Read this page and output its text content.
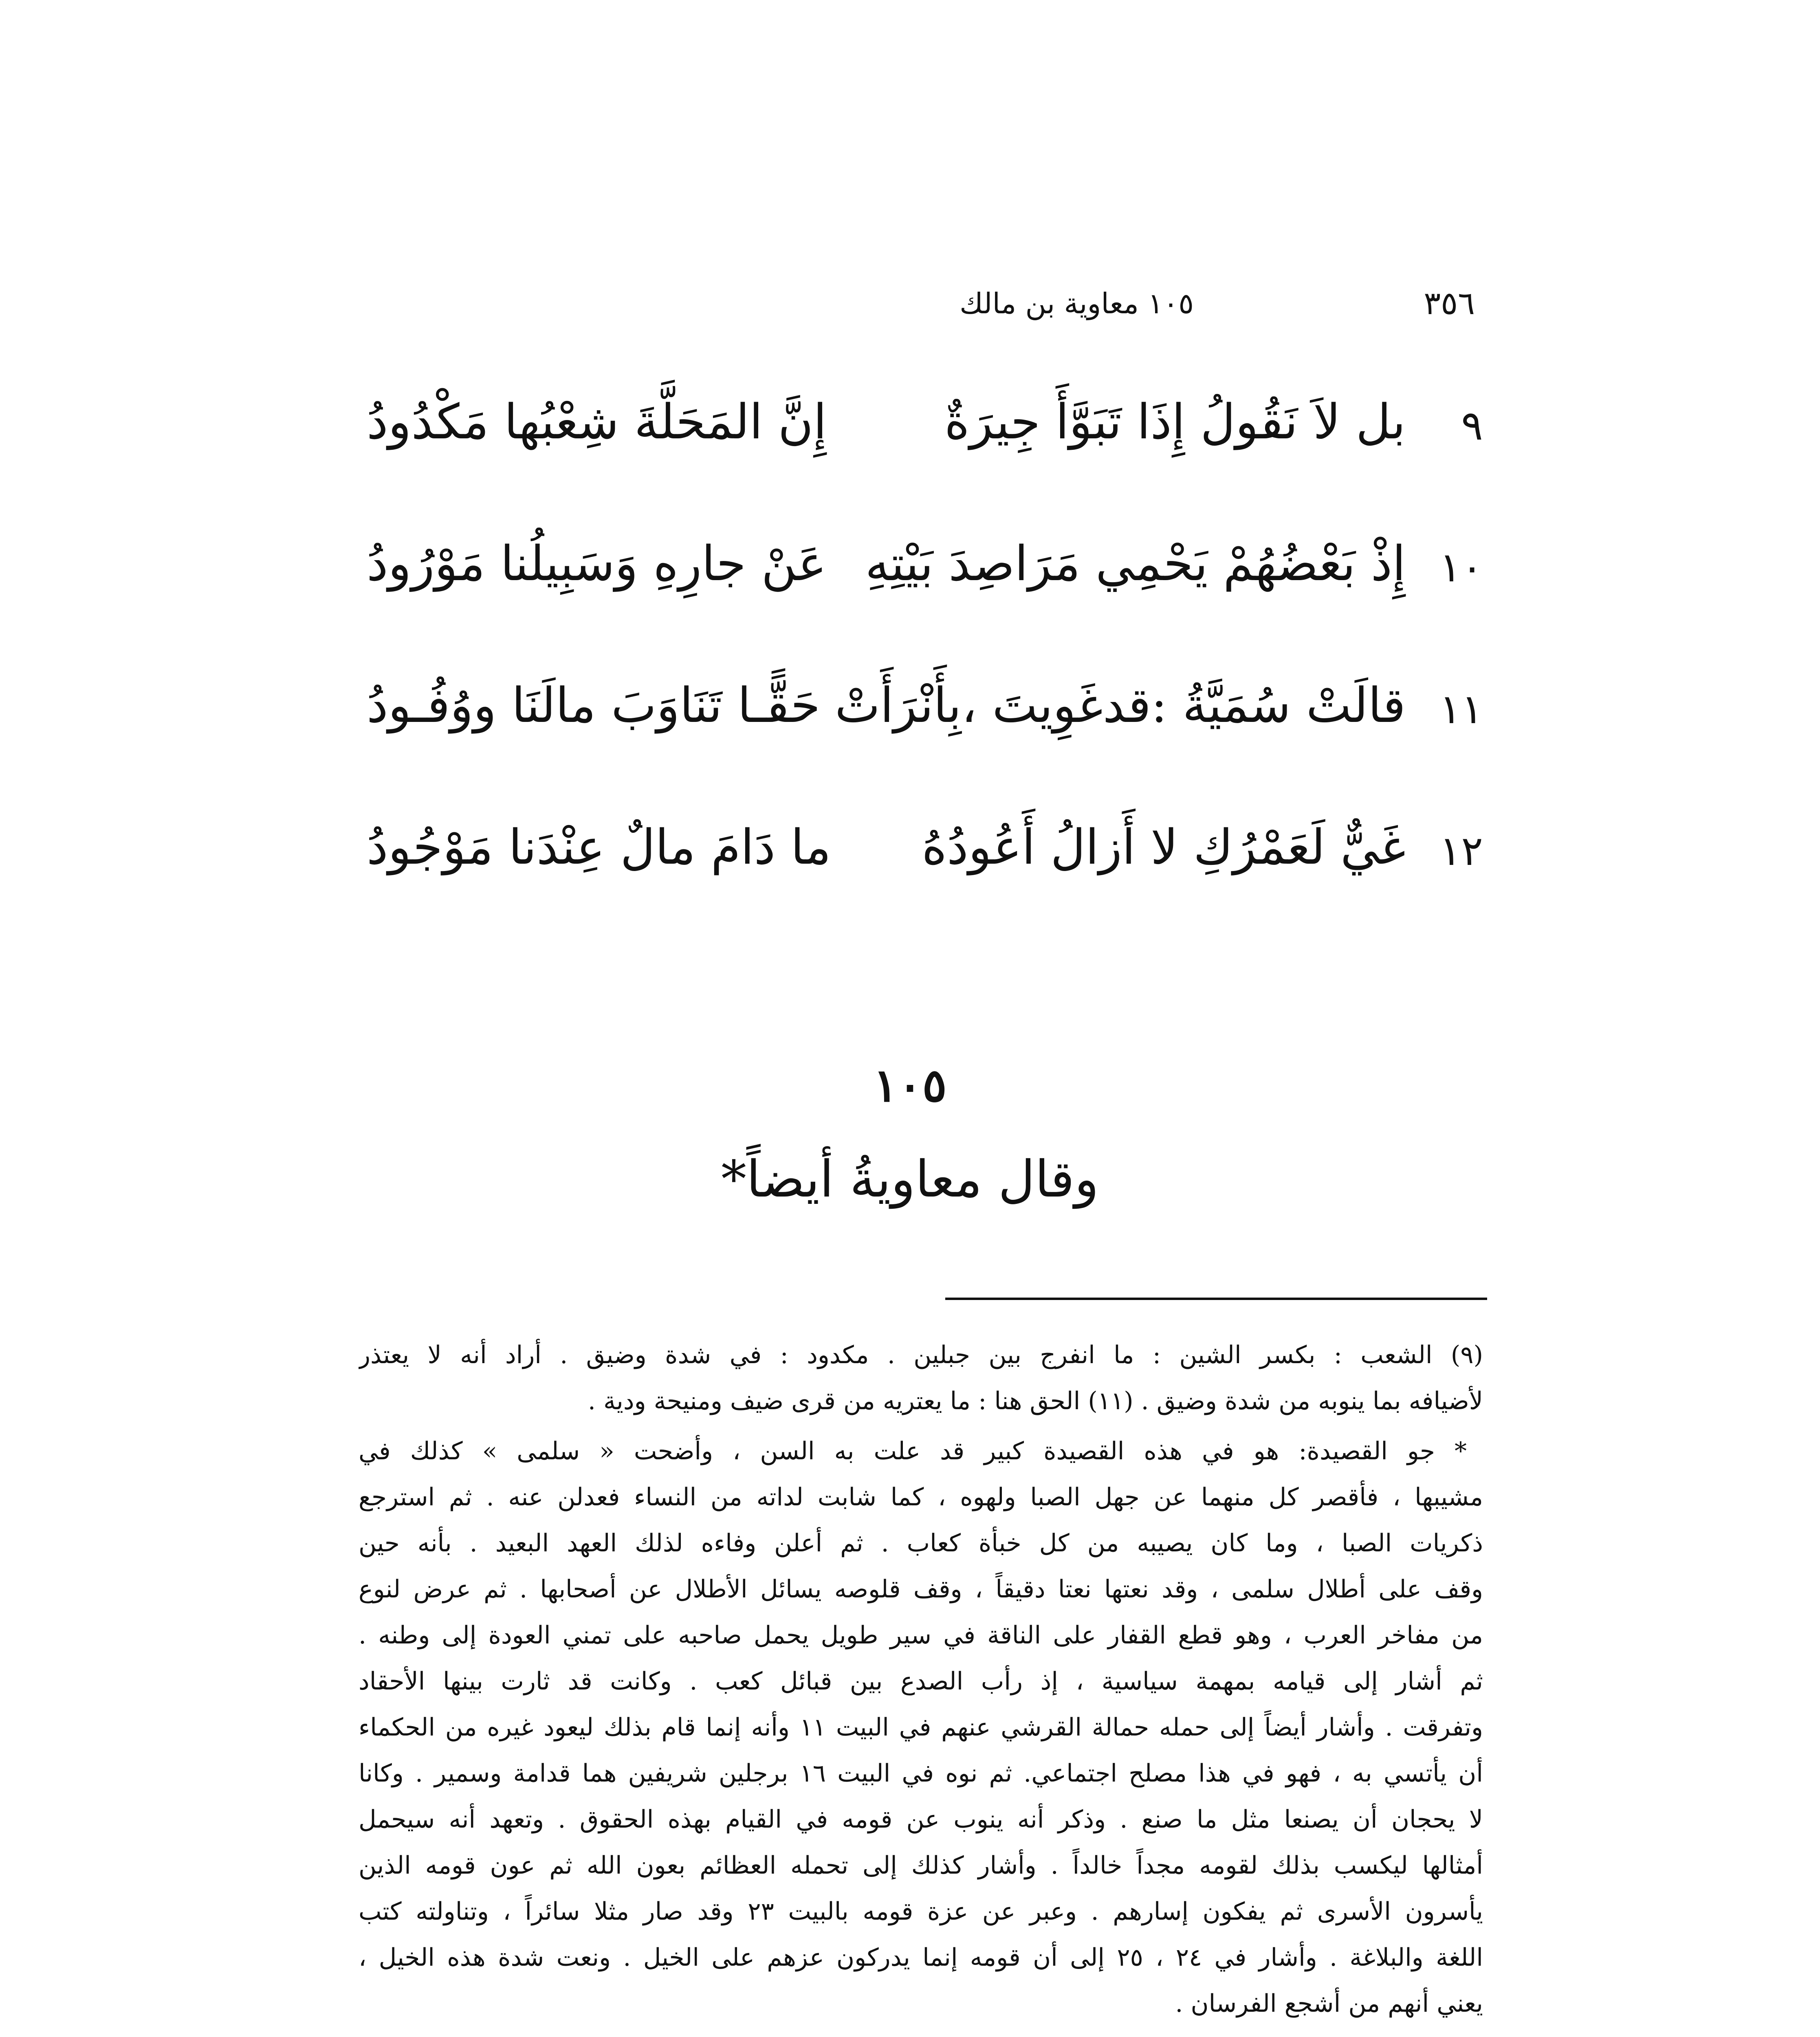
٣٥٦
١٠٥ معاوية بن مالك
٩
بل لاَ نَقُولُ إِذَا تَبَوَّأَ جِيرَةٌ
إِنَّ المَحَلَّةَ شِعْبُها مَكْدُودُ
١٠
إِذْ بَعْضُهُمْ يَحْمِي مَرَاصِدَ بَيْتِهِ
عَنْ جارِهِ وَسَبِيلُنا مَوْرُودُ
١١
قالَتْ سُمَيَّةُ :قدغَوِيتَ ،بِأَنْرَأَتْ
حَقًّـا تَنَاوَبَ مالَنَا ووُفُـودُ
١٢
غَيٌّ لَعَمْرُكِ لا أَزالُ أَعُودُهُ
ما دَامَ مالٌ عِنْدَنا مَوْجُودُ
١٠٥
وقال معاويةُ أيضاً*
(٩) الشعب : بكسر الشين : ما انفرج بين جبلين . مكدود : في شدة وضيق . أراد أنه لا يعتذر
لأضيافه بما ينوبه من شدة وضيق . (١١) الحق هنا : ما يعتريه من قرى ضيف ومنيحة ودية .
* جو القصيدة: هو في هذه القصيدة كبير قد علت به السن ، وأضحت « سلمى » كذلك في
مشيبها ، فأقصر كل منهما عن جهل الصبا ولهوه ، كما شابت لداته من النساء فعدلن عنه . ثم استرجع
ذكريات الصبا ، وما كان يصيبه من كل خبأة كعاب . ثم أعلن وفاءه لذلك العهد البعيد . بأنه حين
وقف على أطلال سلمى ، وقد نعتها نعتا دقيقاً ، وقف قلوصه يسائل الأطلال عن أصحابها . ثم عرض لنوع
من مفاخر العرب ، وهو قطع القفار على الناقة في سير طويل يحمل صاحبه على تمني العودة إلى وطنه .
ثم أشار إلى قيامه بمهمة سياسية ، إذ رأب الصدع بين قبائل كعب . وكانت قد ثارت بينها الأحقاد
وتفرقت . وأشار أيضاً إلى حمله حمالة القرشي عنهم في البيت ١١ وأنه إنما قام بذلك ليعود غيره من الحكماء
أن يأتسي به ، فهو في هذا مصلح اجتماعي. ثم نوه في البيت ١٦ برجلين شريفين هما قدامة وسمير . وكانا
لا يحجان أن يصنعا مثل ما صنع . وذكر أنه ينوب عن قومه في القيام بهذه الحقوق . وتعهد أنه سيحمل
أمثالها ليكسب بذلك لقومه مجداً خالداً . وأشار كذلك إلى تحمله العظائم بعون الله ثم عون قومه الذين
يأسرون الأسرى ثم يفكون إسارهم . وعبر عن عزة قومه بالبيت ٢٣ وقد صار مثلا سائراً ، وتناولته كتب
اللغة والبلاغة . وأشار في ٢٤ ، ٢٥ إلى أن قومه إنما يدركون عزهم على الخيل . ونعت شدة هذه الخيل ،
يعني أنهم من أشجع الفرسان .
